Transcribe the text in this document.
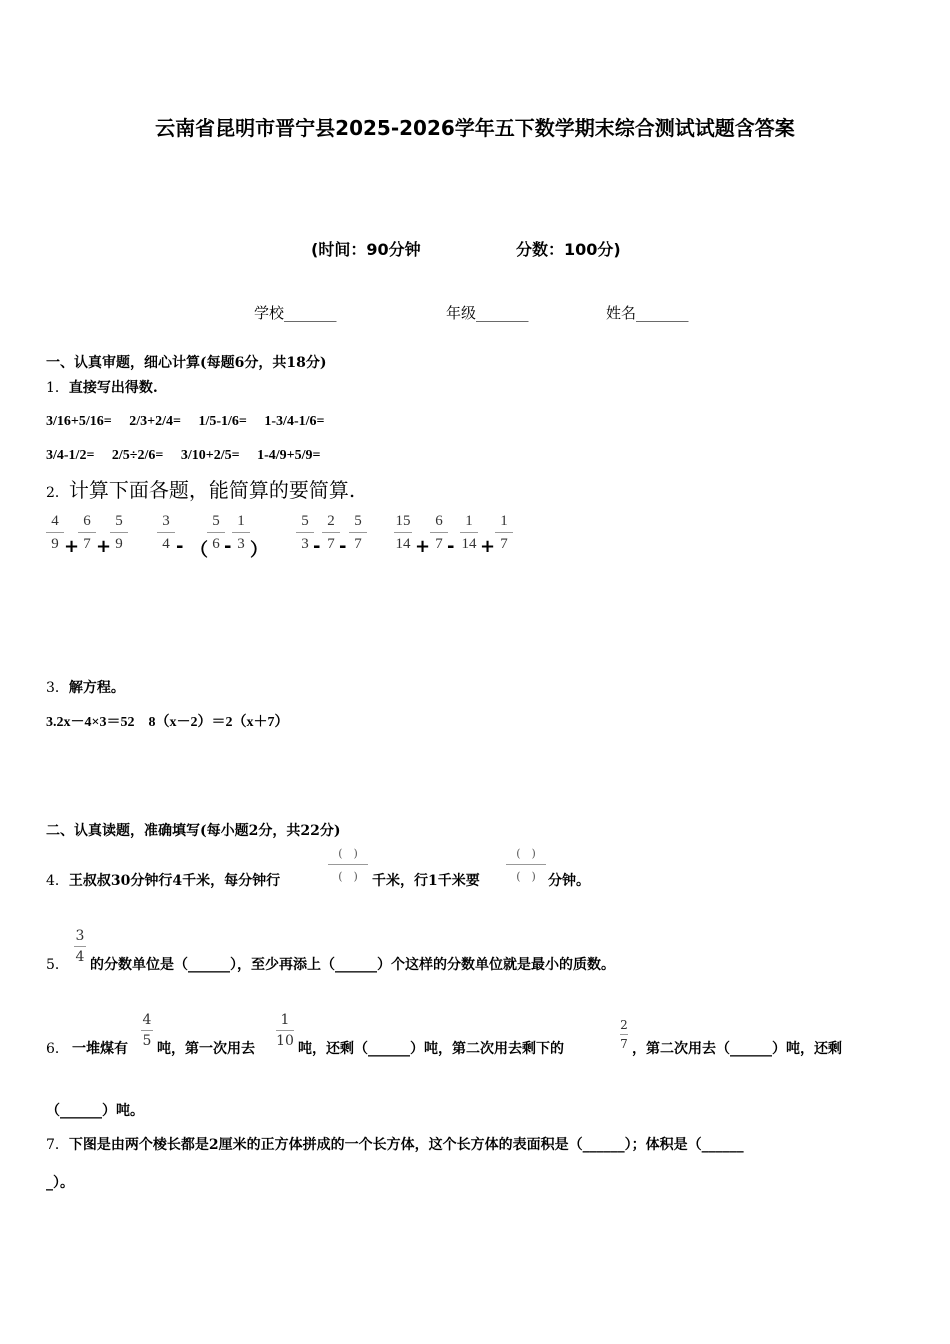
云南省昆明市晋宁县2025-2026学年五下数学期末综合测试试题含答案
(时间：90分钟	分数：100分)
学校_______	年级_______	姓名_______
一、认真审题，细心计算(每题6分，共18分)
1．直接写出得数.
3/16+5/16=　 2/3+2/4=　 1/5-1/6=　 1-3/4-1/6=
3/4-1/2=　 2/5÷2/6=　 3/10+2/5=　 1-4/9+5/9=
2．计算下面各题，能简算的要简算.
4
9 +
6
7 +
5
9
3
4 - （
5
6 -
1
3 ）
5
3 -
2
7 -
5
7
15
14 +
6
7 -
1
14 +
1
7
3．解方程。
3.2x－4×3＝52　8（x－2）＝2（x＋7）
二、认真读题，准确填写(每小题2分，共22分)
4．王叔叔30分钟行4千米，每分钟行
(　)
(　)	千米，行1千米要
(　)
(　) 分钟。
5．
3
4 的分数单位是（______），至少再添上（______）个这样的分数单位就是最小的质数。
6． 一堆煤有
4
5 吨，第一次用去
1
10 吨，还剩（______）吨，第二次用去剩下的
2
7 ，第二次用去（______）吨，还剩
（______）吨。
7．下图是由两个棱长都是2厘米的正方体拼成的一个长方体，这个长方体的表面积是（______）；体积是（______
_）。
